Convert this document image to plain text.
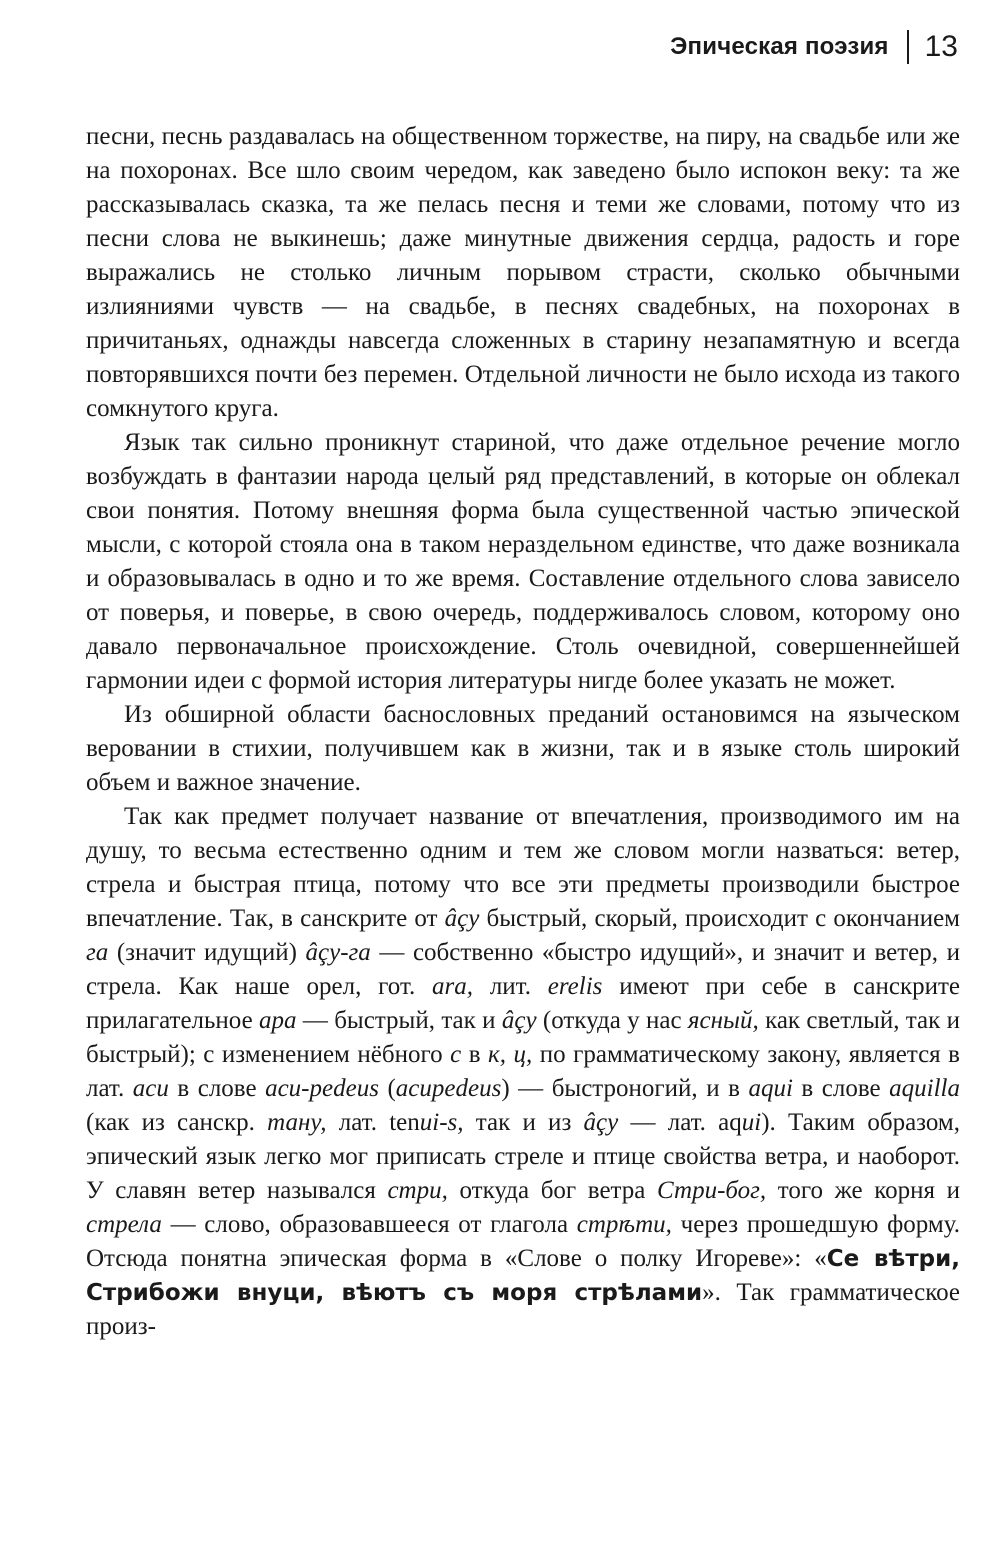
Эпическая поэзия 13

песни, песнь раздавалась на общественном торжестве, на пиру, на свадьбе или же на похоронах. Все шло своим чередом, как заведено было испокон веку: та же рассказывалась сказка, та же пелась песня и теми же словами, потому что из песни слова не выкинешь; даже минутные движения сердца, радость и горе выражались не столько личным порывом страсти, сколько обычными излияниями чувств — на свадьбе, в песнях свадебных, на похоронах в причитаньях, однажды навсегда сложенных в старину незапамятную и всегда повторявшихся почти без перемен. Отдельной личности не было исхода из такого сомкнутого круга.

Язык так сильно проникнут стариной, что даже отдельное речение могло возбуждать в фантазии народа целый ряд представлений, в которые он облекал свои понятия. Потому внешняя форма была существенной частью эпической мысли, с которой стояла она в таком нераздельном единстве, что даже возникала и образовывалась в одно и то же время. Составление отдельного слова зависело от поверья, и поверье, в свою очередь, поддерживалось словом, которому оно давало первоначальное происхождение. Столь очевидной, совершеннейшей гармонии идеи с формой история литературы нигде более указать не может.

Из обширной области баснословных преданий остановимся на языческом веровании в стихии, получившем как в жизни, так и в языке столь широкий объем и важное значение.

Так как предмет получает название от впечатления, производимого им на душу, то весьма естественно одним и тем же словом могли назваться: ветер, стрела и быстрая птица, потому что все эти предметы производили быстрое впечатление. Так, в санскрите от âçу быстрый, скорый, происходит с окончанием га (значит идущий) âçу-га — собственно «быстро идущий», и значит и ветер, и стрела. Как наше орел, гот. ara, лит. erelis имеют при себе в санскрите прилагательное ара — быстрый, так и âçу (откуда у нас ясный, как светлый, так и быстрый); с изменением нёбного с в к, ц, по грамматическому закону, является в лат. acu в слове acu-pedeus (acupedeus) — быстроногий, и в aqui в слове aquilla (как из санскр. тану, лат. tenui-s, так и из âçу — лат. aqui). Таким образом, эпический язык легко мог приписать стреле и птице свойства ветра, и наоборот. У славян ветер назывался стри, откуда бог ветра Стри-бог, того же корня и стрела — слово, образовавшееся от глагола стрѣти, через прошедшую форму. Отсюда понятна эпическая форма в «Слове о полку Игореве»: «Се вѣтри, Стрибожи внуци, вѣютъ съ моря стрѣлами». Так грамматическое произ-
